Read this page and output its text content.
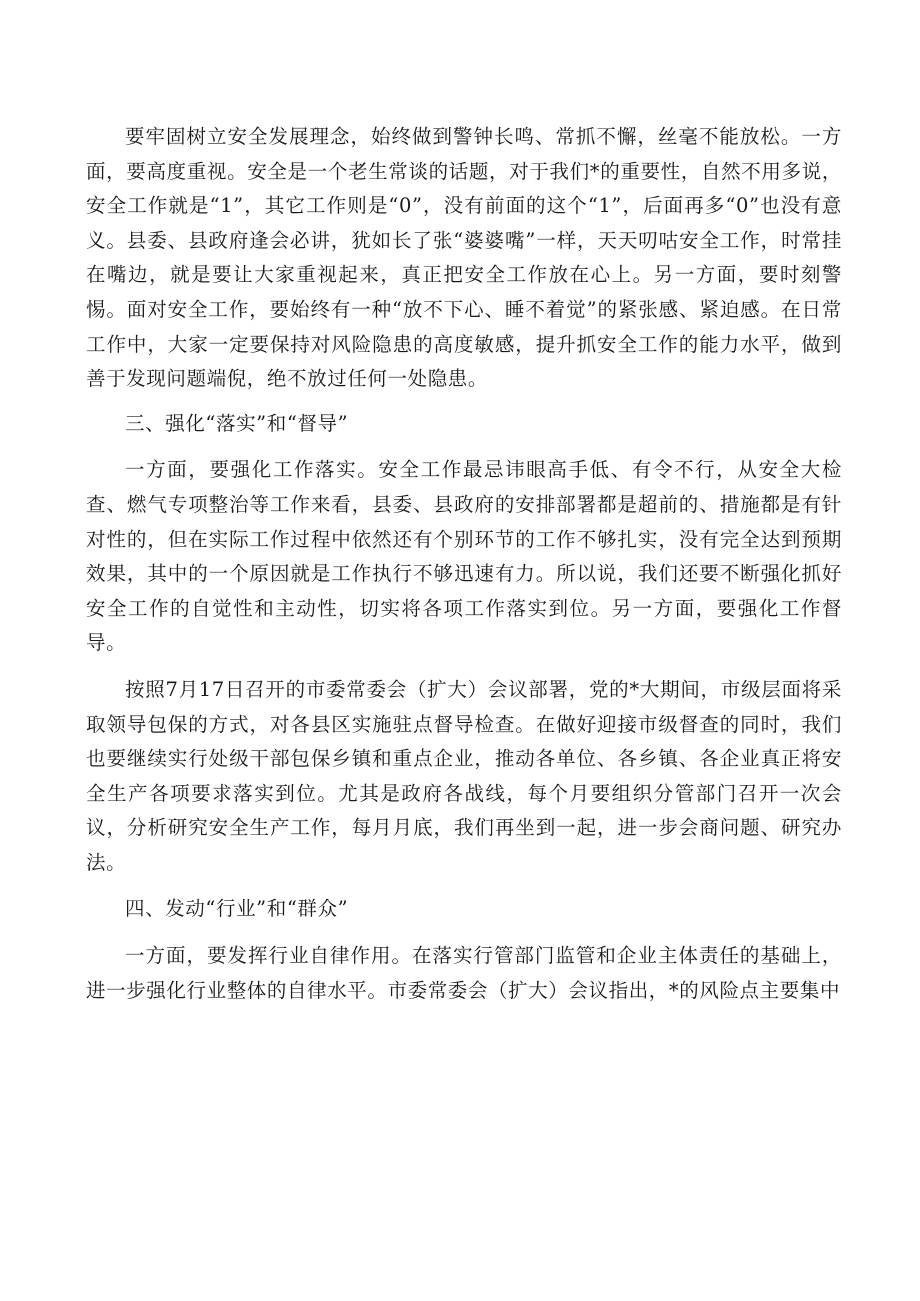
要牢固树立安全发展理念，始终做到警钟长鸣、常抓不懈，丝毫不能放松。一方面，要高度重视。安全是一个老生常谈的话题，对于我们*的重要性，自然不用多说，安全工作就是“1”，其它工作则是“0”，没有前面的这个“1”，后面再多“0”也没有意义。县委、县政府逢会必讲，犹如长了张“婆婆嘴”一样，天天叨咕安全工作，时常挂在嘴边，就是要让大家重视起来，真正把安全工作放在心上。另一方面，要时刻警惕。面对安全工作，要始终有一种“放不下心、睡不着觉”的紧张感、紧迫感。在日常工作中，大家一定要保持对风险隐患的高度敏感，提升抓安全工作的能力水平，做到善于发现问题端倪，绝不放过任何一处隐患。

三、强化“落实”和“督导”

一方面，要强化工作落实。安全工作最忌讳眼高手低、有令不行，从安全大检查、燃气专项整治等工作来看，县委、县政府的安排部署都是超前的、措施都是有针对性的，但在实际工作过程中依然还有个别环节的工作不够扎实，没有完全达到预期效果，其中的一个原因就是工作执行不够迅速有力。所以说，我们还要不断强化抓好安全工作的自觉性和主动性，切实将各项工作落实到位。另一方面，要强化工作督导。

按照7月17日召开的市委常委会（扩大）会议部署，党的*大期间，市级层面将采取领导包保的方式，对各县区实施驻点督导检查。在做好迎接市级督查的同时，我们也要继续实行处级干部包保乡镇和重点企业，推动各单位、各乡镇、各企业真正将安全生产各项要求落实到位。尤其是政府各战线，每个月要组织分管部门召开一次会议，分析研究安全生产工作，每月月底，我们再坐到一起，进一步会商问题、研究办法。

四、发动“行业”和“群众”

一方面，要发挥行业自律作用。在落实行管部门监管和企业主体责任的基础上，进一步强化行业整体的自律水平。市委常委会（扩大）会议指出，*的风险点主要集中
